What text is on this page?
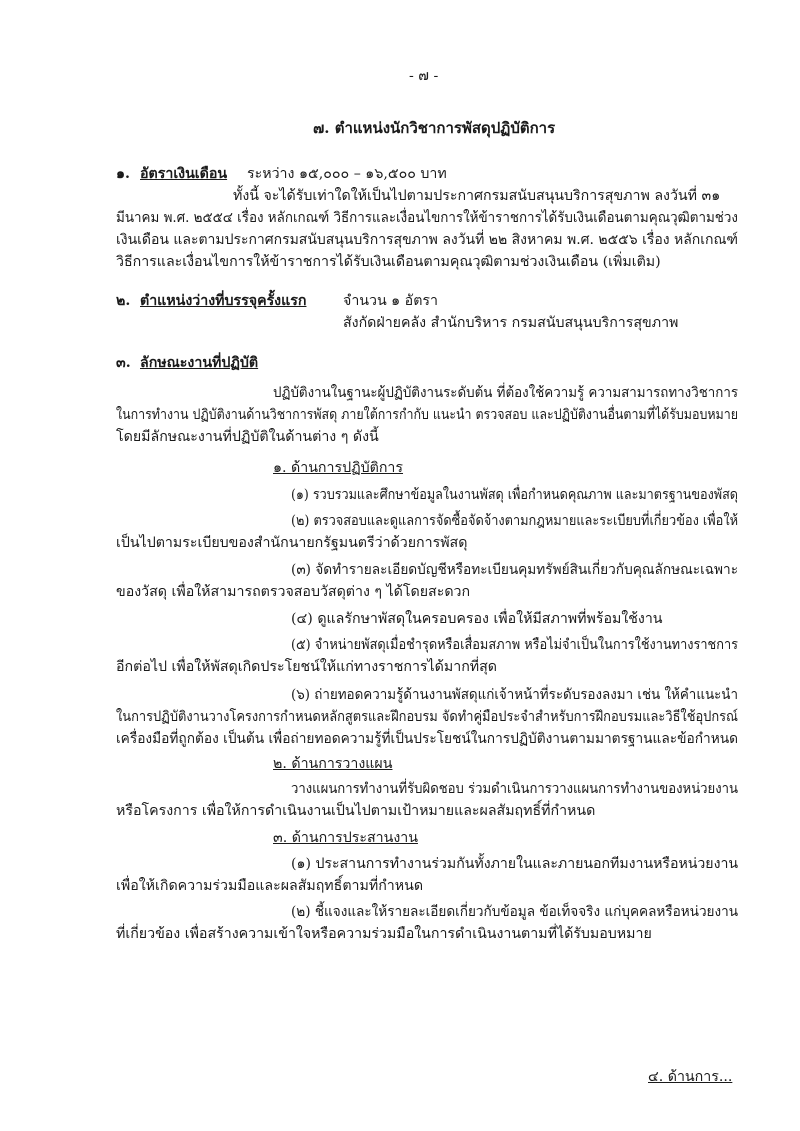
- ๗ -
๗. ตำแหน่งนักวิชาการพัสดุปฏิบัติการ
๑. อัตราเงินเดือน ระหว่าง ๑๕,๐๐๐ – ๑๖,๕๐๐ บาท
ทั้งนี้ จะได้รับเท่าใดให้เป็นไปตามประกาศกรมสนับสนุนบริการสุขภาพ ลงวันที่ ๓๑
มีนาคม พ.ศ. ๒๕๕๔ เรื่อง หลักเกณฑ์ วิธีการและเงื่อนไขการให้ข้าราชการได้รับเงินเดือนตามคุณวุฒิตามช่วง
เงินเดือน และตามประกาศกรมสนับสนุนบริการสุขภาพ ลงวันที่ ๒๒ สิงหาคม พ.ศ. ๒๕๕๖ เรื่อง หลักเกณฑ์
วิธีการและเงื่อนไขการให้ข้าราชการได้รับเงินเดือนตามคุณวุฒิตามช่วงเงินเดือน (เพิ่มเติม)
๒. ตำแหน่งว่างที่บรรจุครั้งแรก	จำนวน ๑ อัตรา
สังกัดฝ่ายคลัง สำนักบริหาร กรมสนับสนุนบริการสุขภาพ
๓. ลักษณะงานที่ปฏิบัติ
ปฏิบัติงานในฐานะผู้ปฏิบัติงานระดับต้น ที่ต้องใช้ความรู้ ความสามารถทางวิชาการ
ในการทำงาน ปฏิบัติงานด้านวิชาการพัสดุ ภายใต้การกำกับ แนะนำ ตรวจสอบ และปฏิบัติงานอื่นตามที่ได้รับมอบหมาย
โดยมีลักษณะงานที่ปฏิบัติในด้านต่าง ๆ ดังนี้
๑. ด้านการปฏิบัติการ
(๑) รวบรวมและศึกษาข้อมูลในงานพัสดุ เพื่อกำหนดคุณภาพ และมาตรฐานของพัสดุ
(๒) ตรวจสอบและดูแลการจัดซื้อจัดจ้างตามกฎหมายและระเบียบที่เกี่ยวข้อง เพื่อให้
เป็นไปตามระเบียบของสำนักนายกรัฐมนตรีว่าด้วยการพัสดุ
(๓) จัดทำรายละเอียดบัญชีหรือทะเบียนคุมทรัพย์สินเกี่ยวกับคุณลักษณะเฉพาะ
ของวัสดุ เพื่อให้สามารถตรวจสอบวัสดุต่าง ๆ ได้โดยสะดวก
(๔) ดูแลรักษาพัสดุในครอบครอง เพื่อให้มีสภาพที่พร้อมใช้งาน
(๕) จำหน่ายพัสดุเมื่อชำรุดหรือเสื่อมสภาพ หรือไม่จำเป็นในการใช้งานทางราชการ
อีกต่อไป เพื่อให้พัสดุเกิดประโยชน์ให้แก่ทางราชการได้มากที่สุด
(๖) ถ่ายทอดความรู้ด้านงานพัสดุแก่เจ้าหน้าที่ระดับรองลงมา เช่น ให้คำแนะนำ
ในการปฏิบัติงานวางโครงการกำหนดหลักสูตรและฝึกอบรม จัดทำคู่มือประจำสำหรับการฝึกอบรมและวิธีใช้อุปกรณ์
เครื่องมือที่ถูกต้อง เป็นต้น เพื่อถ่ายทอดความรู้ที่เป็นประโยชน์ในการปฏิบัติงานตามมาตรฐานและข้อกำหนด
๒. ด้านการวางแผน
วางแผนการทำงานที่รับผิดชอบ ร่วมดำเนินการวางแผนการทำงานของหน่วยงาน
หรือโครงการ เพื่อให้การดำเนินงานเป็นไปตามเป้าหมายและผลสัมฤทธิ์ที่กำหนด
๓. ด้านการประสานงาน
(๑) ประสานการทำงานร่วมกันทั้งภายในและภายนอกทีมงานหรือหน่วยงาน
เพื่อให้เกิดความร่วมมือและผลสัมฤทธิ์ตามที่กำหนด
(๒) ชี้แจงและให้รายละเอียดเกี่ยวกับข้อมูล ข้อเท็จจริง แก่บุคคลหรือหน่วยงาน
ที่เกี่ยวข้อง เพื่อสร้างความเข้าใจหรือความร่วมมือในการดำเนินงานตามที่ได้รับมอบหมาย
๔. ด้านการ...
